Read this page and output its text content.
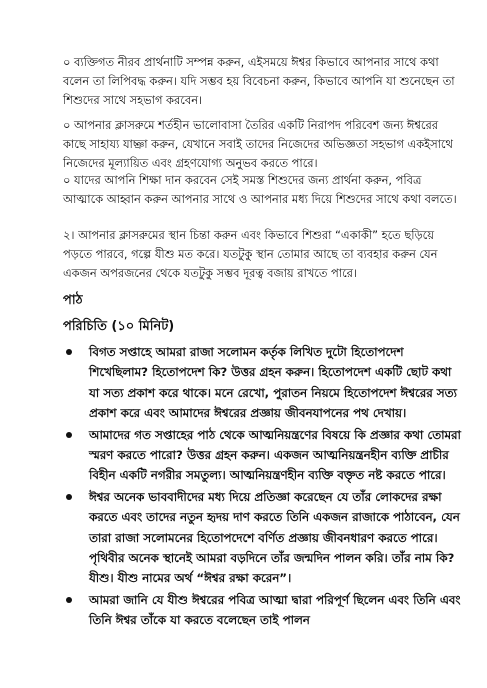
০ ব্যক্তিগত নীরব প্রার্থনাটি সম্পন্ন করুন, এইসময়ে ঈশ্বর কিভাবে আপনার সাথে কথা বলেন তা লিপিবদ্ধ করুন। যদি সম্ভব হয় বিবেচনা করুন, কিভাবে আপনি যা শুনেছেন তা শিশুদের সাথে সহভাগ করবেন।

০ আপনার ক্লাসরুমে শর্তহীন ভালোবাসা তৈরির একটি নিরাপদ পরিবেশ জন্য ঈশ্বরের কাছে সাহায্য যাচ্ঞা করুন, যেখানে সবাই তাদের নিজেদের অভিজ্ঞতা সহভাগ একইসাথে নিজেদের মূল্যায়িত এবং গ্রহণযোগ্য অনুভব করতে পারে।

০ যাদের আপনি শিক্ষা দান করবেন সেই সমস্ত শিশুদের জন্য প্রার্থনা করুন, পবিত্র আত্মাকে আহ্বান করুন আপনার সাথে ও আপনার মধ্য দিয়ে শিশুদের সাথে কথা বলতে।

২। আপনার ক্লাসরুমের স্থান চিন্তা করুন এবং কিভাবে শিশুরা “একাকী” হতে ছড়িয়ে পড়তে পারবে, গল্পে যীশু মত করে। যতটুকু স্থান তোমার আছে তা ব্যবহার করুন যেন একজন অপরজনের থেকে যতটুকু সম্ভব দূরত্ব বজায় রাখতে পারে।

পাঠ
পরিচিতি (১০ মিনিট)
বিগত সপ্তাহে আমরা রাজা সলোমন কর্তৃক লিখিত দুটো হিতোপদেশ শিখেছিলাম? হিতোপদেশ কি? উত্তর গ্রহন করুন। হিতোপদেশ একটি ছোট কথা যা সত্য প্রকাশ করে থাকে। মনে রেখো, পুরাতন নিয়মে হিতোপদেশ ঈশ্বরের সত্য প্রকাশ করে এবং আমাদের ঈশ্বরের প্রজ্ঞায় জীবনযাপনের পথ দেখায়।
আমাদের গত সপ্তাহের পাঠ থেকে আত্মনিয়ন্ত্রণের বিষয়ে কি প্রজ্ঞার কথা তোমরা স্মরণ করতে পারো? উত্তর গ্রহন করুন। একজন আত্মনিয়ন্ত্রনহীন ব্যক্তি প্রাচীর বিহীন একটি নগরীর সমতুল্য। আত্মনিয়ন্ত্রণহীন ব্যক্তি বক্তৃত নষ্ট করতে পারে।
ঈশ্বর অনেক ভাববাদীদের মধ্য দিয়ে প্রতিজ্ঞা করেছেন যে তাঁর লোকদের রক্ষা করতে এবং তাদের নতুন হৃদয় দাণ করতে তিনি একজন রাজাকে পাঠাবেন, যেন তারা রাজা সলোমনের হিতোপদেশে বর্ণিত প্রজ্ঞায় জীবনধারণ করতে পারে। পৃথিবীর অনেক স্থানেই আমরা বড়দিনে তাঁর জন্মদিন পালন করি। তাঁর নাম কি? যীশু। যীশু নামের অর্থ “ঈশ্বর রক্ষা করেন”।
আমরা জানি যে যীশু ঈশ্বরের পবিত্র আত্মা দ্বারা পরিপূর্ণ ছিলেন এবং তিনি এবং তিনি ঈশ্বর তাঁকে যা করতে বলেছেন তাই পালন
